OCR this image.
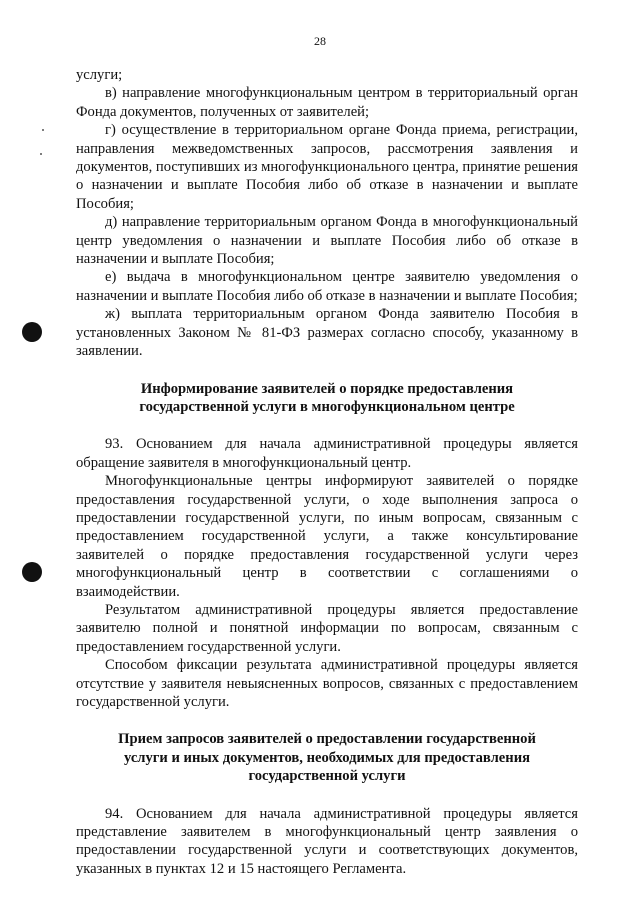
28

услуги;

в) направление многофункциональным центром в территориальный орган Фонда документов, полученных от заявителей;

г) осуществление в территориальном органе Фонда приема, регистрации, направления межведомственных запросов, рассмотрения заявления и документов, поступивших из многофункционального центра, принятие решения о назначении и выплате Пособия либо об отказе в назначении и выплате Пособия;

д) направление территориальным органом Фонда в многофункциональный центр уведомления о назначении и выплате Пособия либо об отказе в назначении и выплате Пособия;

е) выдача в многофункциональном центре заявителю уведомления о назначении и выплате Пособия либо об отказе в назначении и выплате Пособия;

ж) выплата территориальным органом Фонда заявителю Пособия в установленных Законом № 81-ФЗ размерах согласно способу, указанному в заявлении.

Информирование заявителей о порядке предоставления
государственной услуги в многофункциональном центре

93. Основанием для начала административной процедуры является обращение заявителя в многофункциональный центр.

Многофункциональные центры информируют заявителей о порядке предоставления государственной услуги, о ходе выполнения запроса о предоставлении государственной услуги, по иным вопросам, связанным с предоставлением государственной услуги, а также консультирование заявителей о порядке предоставления государственной услуги через многофункциональный центр в соответствии с соглашениями о взаимодействии.

Результатом административной процедуры является предоставление заявителю полной и понятной информации по вопросам, связанным с предоставлением государственной услуги.

Способом фиксации результата административной процедуры является отсутствие у заявителя невыясненных вопросов, связанных с предоставлением государственной услуги.

Прием запросов заявителей о предоставлении государственной
услуги и иных документов, необходимых для предоставления
государственной услуги

94. Основанием для начала административной процедуры является представление заявителем в многофункциональный центр заявления о предоставлении государственной услуги и соответствующих документов, указанных в пунктах 12 и 15 настоящего Регламента.
